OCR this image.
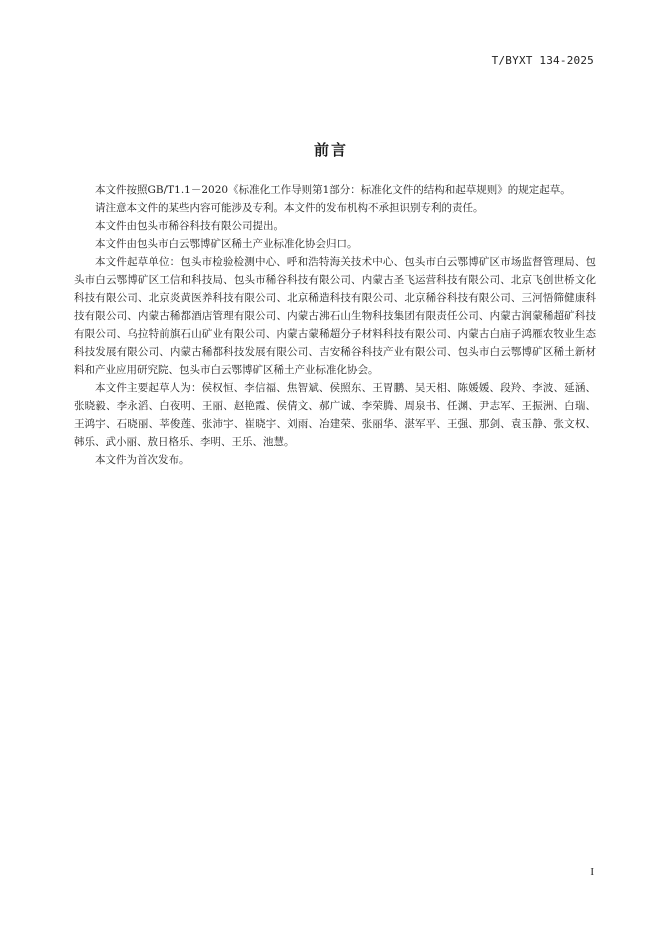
T/BYXT 134-2025
前言

本文件按照GB/T1.1－2020《标准化工作导则第1部分：标准化文件的结构和起草规则》的规定起草。

请注意本文件的某些内容可能涉及专利。本文件的发布机构不承担识别专利的责任。

本文件由包头市稀谷科技有限公司提出。

本文件由包头市白云鄂博矿区稀土产业标准化协会归口。

本文件起草单位：包头市检验检测中心、呼和浩特海关技术中心、包头市白云鄂博矿区市场监督管理局、包头市白云鄂博矿区工信和科技局、包头市稀谷科技有限公司、内蒙古圣飞运营科技有限公司、北京飞创世桥文化科技有限公司、北京炎黄医养科技有限公司、北京稀造科技有限公司、北京稀谷科技有限公司、三河悟筛健康科技有限公司、内蒙古稀都酒店管理有限公司、内蒙古沸石山生物科技集团有限责任公司、内蒙古润蒙稀超矿科技有限公司、乌拉特前旗石山矿业有限公司、内蒙古蒙稀超分子材料科技有限公司、内蒙古白庙子鸿雁农牧业生态科技发展有限公司、内蒙古稀都科技发展有限公司、吉安稀谷科技产业有限公司、包头市白云鄂博矿区稀土新材料和产业应用研究院、包头市白云鄂博矿区稀土产业标准化协会。

本文件主要起草人为：侯权恒、李信福、焦智斌、侯照东、王胃鹏、吴天相、陈媛媛、段羚、李波、延涵、张晓毅、李永滔、白夜明、王丽、赵艳霞、侯倩文、郝广诚、李荣腾、周泉书、任渊、尹志军、王振洲、白瑞、王鸿宇、石晓丽、莘俊莲、张沛宇、崔晓宇、刘雨、冶建荣、张丽华、湛军平、王强、那剑、袁玉静、张文权、韩乐、武小丽、敖日格乐、李明、王乐、池慧。

本文件为首次发布。

I
